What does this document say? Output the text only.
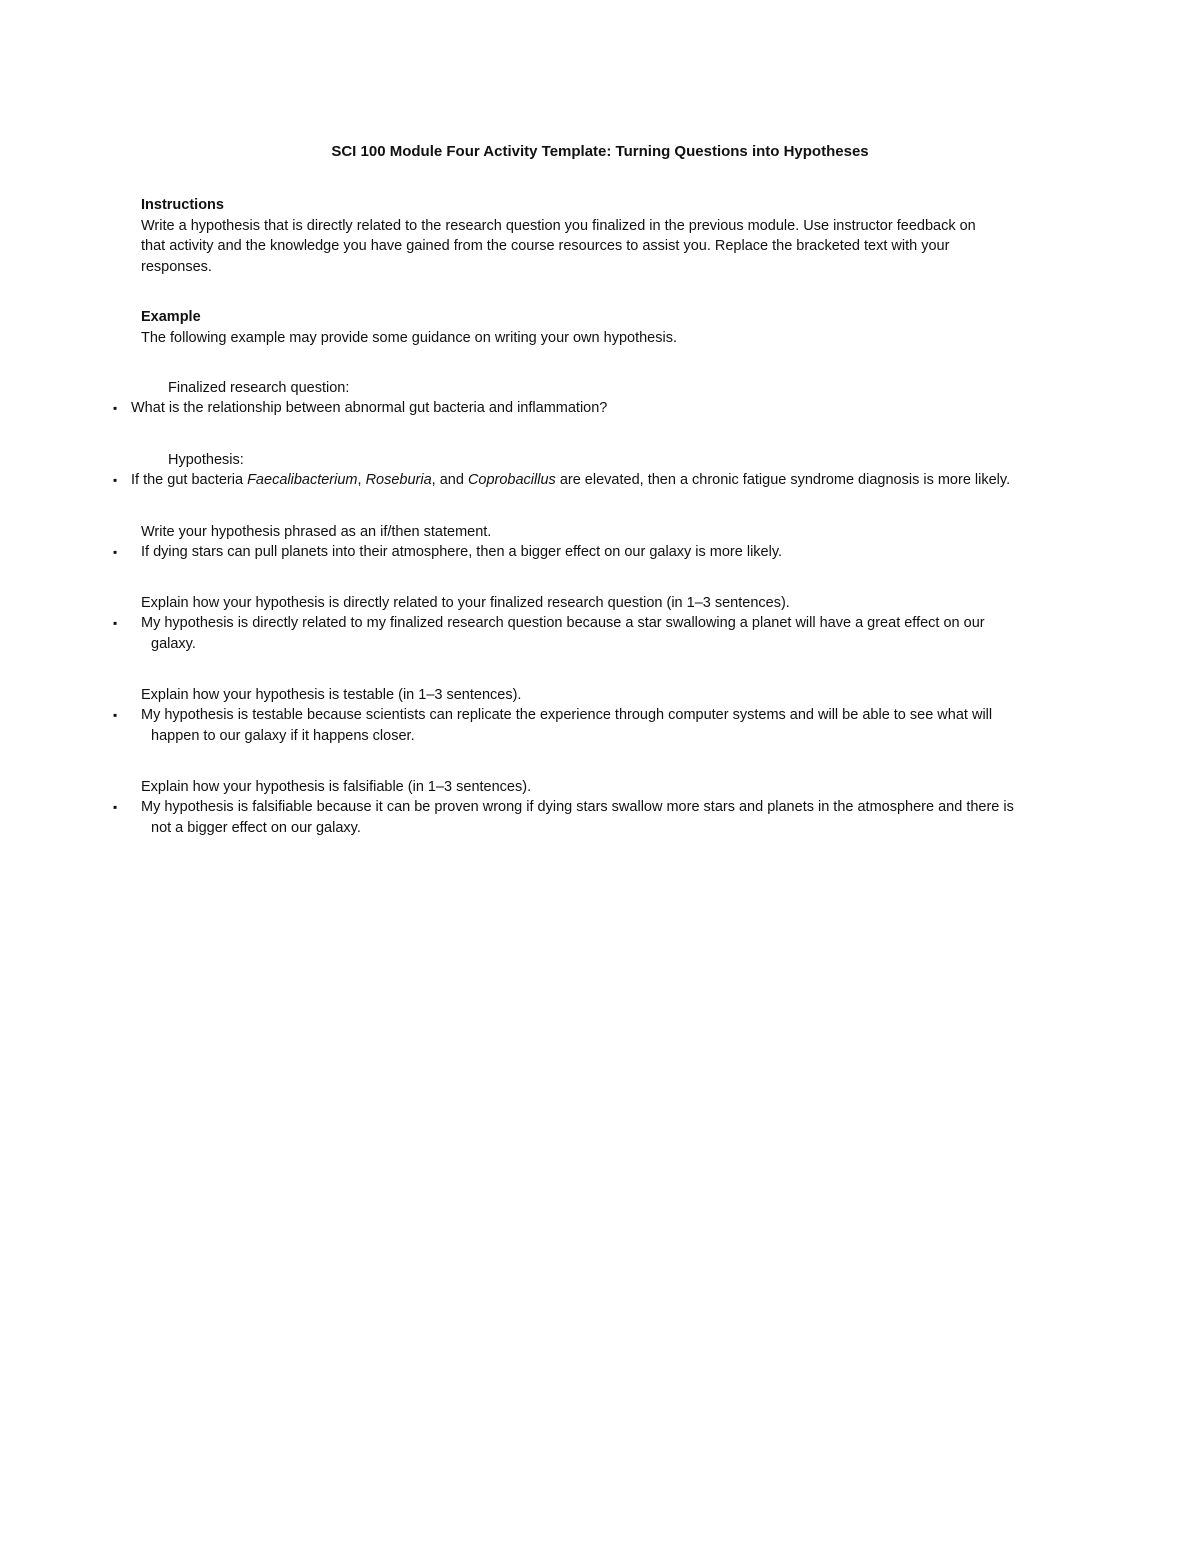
SCI 100 Module Four Activity Template: Turning Questions into Hypotheses
Instructions
Write a hypothesis that is directly related to the research question you finalized in the previous module. Use instructor feedback on
that activity and the knowledge you have gained from the course resources to assist you. Replace the bracketed text with your
responses.
Example
The following example may provide some guidance on writing your own hypothesis.
Finalized research question:
▪ What is the relationship between abnormal gut bacteria and inflammation?
Hypothesis:
▪ If the gut bacteria Faecalibacterium, Roseburia, and Coprobacillus are elevated, then a chronic fatigue syndrome diagnosis is more likely.
Write your hypothesis phrased as an if/then statement.
▪ If dying stars can pull planets into their atmosphere, then a bigger effect on our galaxy is more likely.
Explain how your hypothesis is directly related to your finalized research question (in 1–3 sentences).
▪ My hypothesis is directly related to my finalized research question because a star swallowing a planet will have a great effect on our
galaxy.
Explain how your hypothesis is testable (in 1–3 sentences).
▪ My hypothesis is testable because scientists can replicate the experience through computer systems and will be able to see what will
happen to our galaxy if it happens closer.
Explain how your hypothesis is falsifiable (in 1–3 sentences).
▪ My hypothesis is falsifiable because it can be proven wrong if dying stars swallow more stars and planets in the atmosphere and there is
not a bigger effect on our galaxy.
